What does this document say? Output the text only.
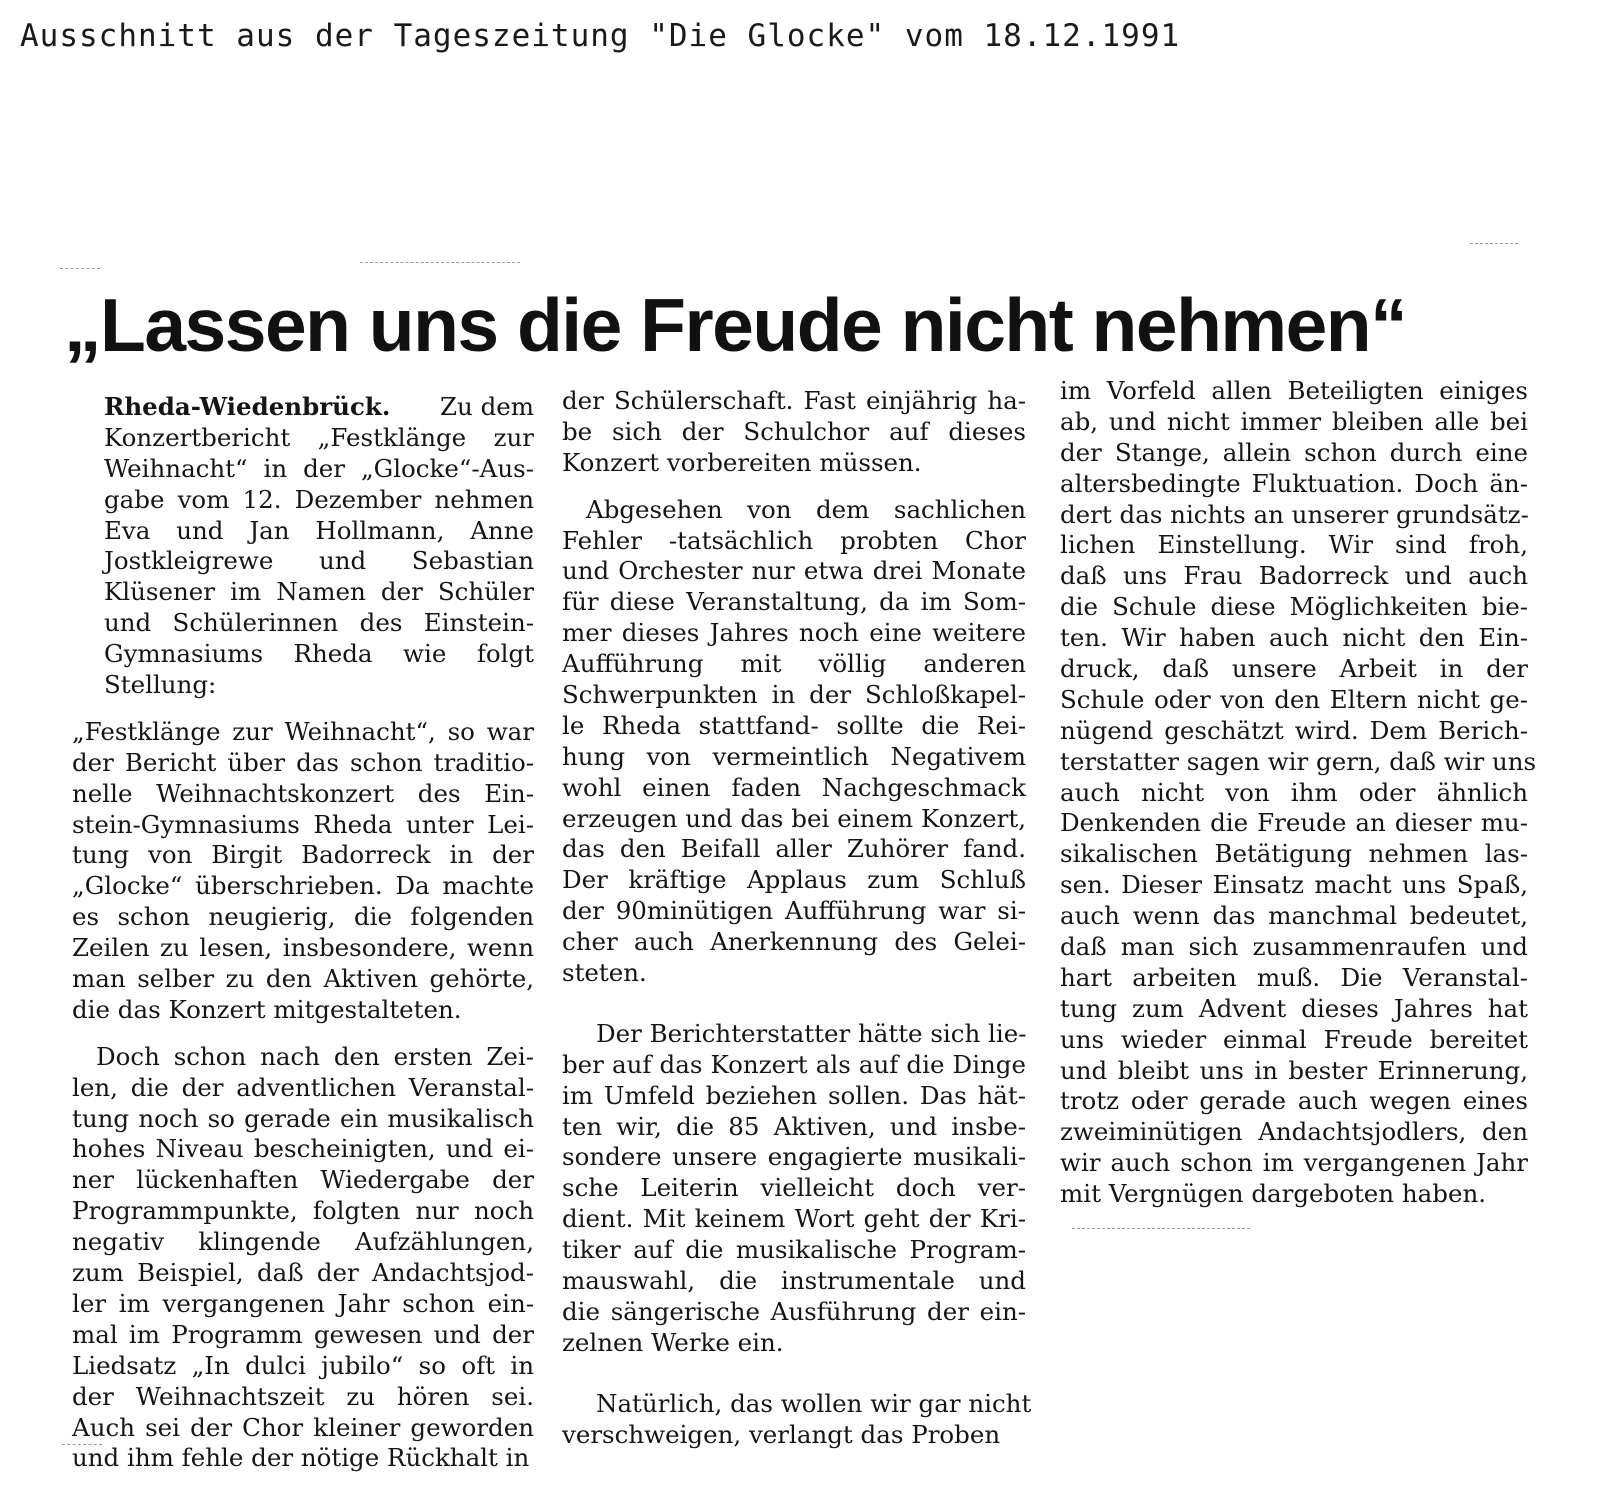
Ausschnitt aus der Tageszeitung "Die Glocke" vom 18.12.1991
„Lassen uns die Freude nicht nehmen“

Rheda-Wiedenbrück. Zu dem
Konzertbericht „Festklänge zur
Weihnacht“ in der „Glocke“-Aus-
gabe vom 12. Dezember nehmen
Eva und Jan Hollmann, Anne
Jostkleigrewe und Sebastian
Klüsener im Namen der Schüler
und Schülerinnen des Einstein-
Gymnasiums Rheda wie folgt
Stellung:

„Festklänge zur Weihnacht“, so war
der Bericht über das schon traditio-
nelle Weihnachtskonzert des Ein-
stein-Gymnasiums Rheda unter Lei-
tung von Birgit Badorreck in der
„Glocke“ überschrieben. Da machte
es schon neugierig, die folgenden
Zeilen zu lesen, insbesondere, wenn
man selber zu den Aktiven gehörte,
die das Konzert mitgestalteten.

Doch schon nach den ersten Zei-
len, die der adventlichen Veranstal-
tung noch so gerade ein musikalisch
hohes Niveau bescheinigten, und ei-
ner lückenhaften Wiedergabe der
Programmpunkte, folgten nur noch
negativ klingende Aufzählungen,
zum Beispiel, daß der Andachtsjod-
ler im vergangenen Jahr schon ein-
mal im Programm gewesen und der
Liedsatz „In dulci jubilo“ so oft in
der Weihnachtszeit zu hören sei.
Auch sei der Chor kleiner geworden
und ihm fehle der nötige Rückhalt in

der Schülerschaft. Fast einjährig ha-
be sich der Schulchor auf dieses
Konzert vorbereiten müssen.

Abgesehen von dem sachlichen
Fehler -tatsächlich probten Chor
und Orchester nur etwa drei Monate
für diese Veranstaltung, da im Som-
mer dieses Jahres noch eine weitere
Aufführung mit völlig anderen
Schwerpunkten in der Schloßkapel-
le Rheda stattfand- sollte die Rei-
hung von vermeintlich Negativem
wohl einen faden Nachgeschmack
erzeugen und das bei einem Konzert,
das den Beifall aller Zuhörer fand.
Der kräftige Applaus zum Schluß
der 90minütigen Aufführung war si-
cher auch Anerkennung des Gelei-
steten.

Der Berichterstatter hätte sich lie-
ber auf das Konzert als auf die Dinge
im Umfeld beziehen sollen. Das hät-
ten wir, die 85 Aktiven, und insbe-
sondere unsere engagierte musikali-
sche Leiterin vielleicht doch ver-
dient. Mit keinem Wort geht der Kri-
tiker auf die musikalische Program-
mauswahl, die instrumentale und
die sängerische Ausführung der ein-
zelnen Werke ein.

Natürlich, das wollen wir gar nicht
verschweigen, verlangt das Proben

im Vorfeld allen Beteiligten einiges
ab, und nicht immer bleiben alle bei
der Stange, allein schon durch eine
altersbedingte Fluktuation. Doch än-
dert das nichts an unserer grundsätz-
lichen Einstellung. Wir sind froh,
daß uns Frau Badorreck und auch
die Schule diese Möglichkeiten bie-
ten. Wir haben auch nicht den Ein-
druck, daß unsere Arbeit in der
Schule oder von den Eltern nicht ge-
nügend geschätzt wird. Dem Berich-
terstatter sagen wir gern, daß wir uns
auch nicht von ihm oder ähnlich
Denkenden die Freude an dieser mu-
sikalischen Betätigung nehmen las-
sen. Dieser Einsatz macht uns Spaß,
auch wenn das manchmal bedeutet,
daß man sich zusammenraufen und
hart arbeiten muß. Die Veranstal-
tung zum Advent dieses Jahres hat
uns wieder einmal Freude bereitet
und bleibt uns in bester Erinnerung,
trotz oder gerade auch wegen eines
zweiminütigen Andachtsjodlers, den
wir auch schon im vergangenen Jahr
mit Vergnügen dargeboten haben.
